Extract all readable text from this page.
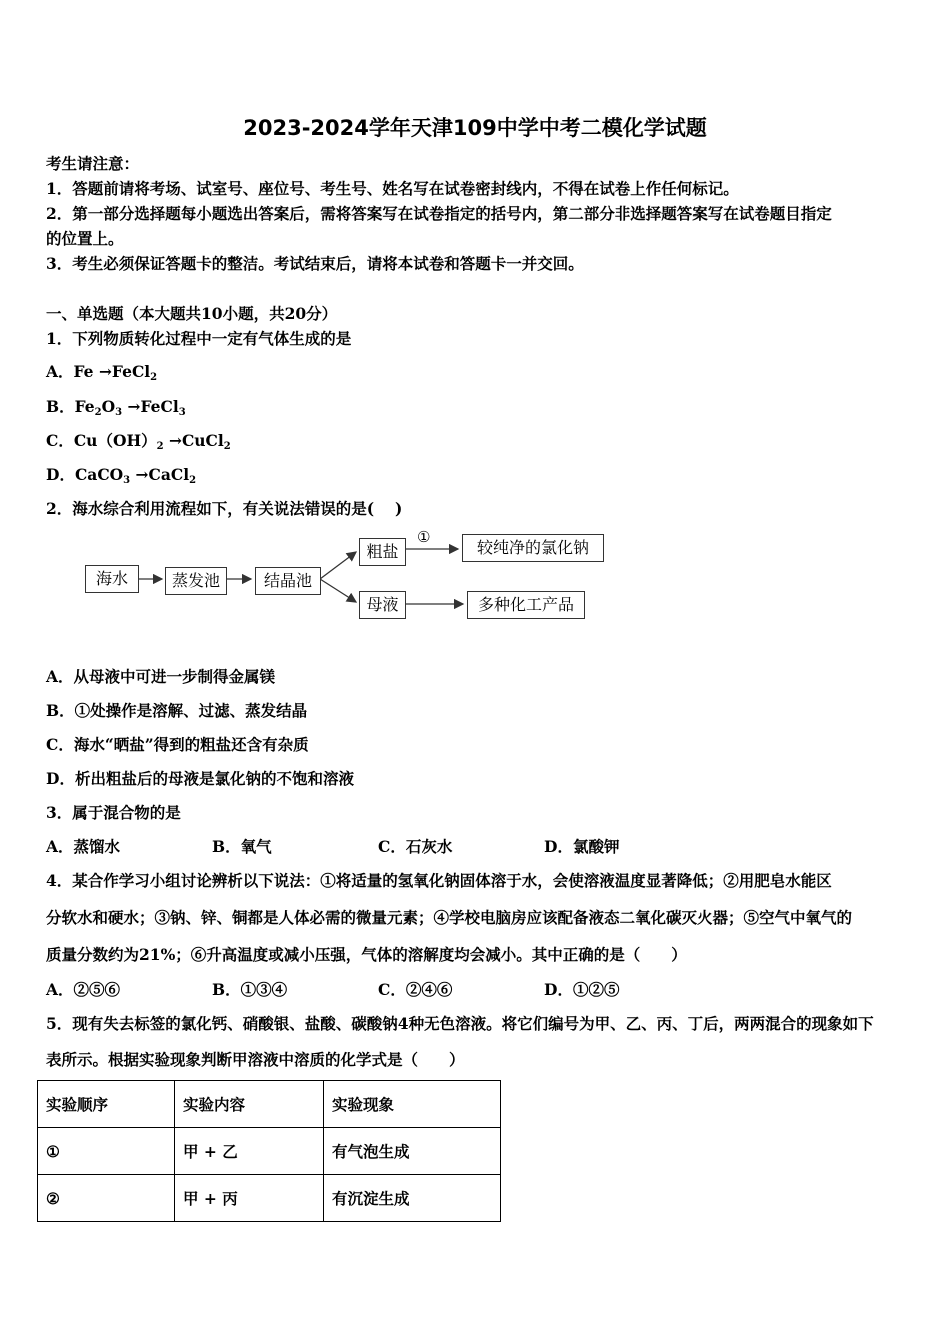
2023-2024学年天津109中学中考二模化学试题
考生请注意：
1．答题前请将考场、试室号、座位号、考生号、姓名写在试卷密封线内，不得在试卷上作任何标记。
2．第一部分选择题每小题选出答案后，需将答案写在试卷指定的括号内，第二部分非选择题答案写在试卷题目指定
的位置上。
3．考生必须保证答题卡的整洁。考试结束后，请将本试卷和答题卡一并交回。
一、单选题（本大题共10小题，共20分）
1．下列物质转化过程中一定有气体生成的是
A．Fe →FeCl2
B．Fe2O3 →FeCl3
C．Cu（OH）2 →CuCl2
D．CaCO3 →CaCl2
2．海水综合利用流程如下，有关说法错误的是(　 )
海水	蒸发池	结晶池
粗盐
①
较纯净的氯化钠
母液	多种化工产品
A．从母液中可进一步制得金属镁
B．①处操作是溶解、过滤、蒸发结晶
C．海水“晒盐”得到的粗盐还含有杂质
D．析出粗盐后的母液是氯化钠的不饱和溶液
3．属于混合物的是
A．蒸馏水	B．氧气	C．石灰水	D．氯酸钾
4．某合作学习小组讨论辨析以下说法：①将适量的氢氧化钠固体溶于水，会使溶液温度显著降低；②用肥皂水能区
分软水和硬水；③钠、锌、铜都是人体必需的微量元素；④学校电脑房应该配备液态二氧化碳灭火器；⑤空气中氧气的
质量分数约为21%；⑥升高温度或减小压强，气体的溶解度均会减小。其中正确的是（　　）
A．②⑤⑥	B．①③④	C．②④⑥	D．①②⑤
5．现有失去标签的氯化钙、硝酸银、盐酸、碳酸钠4种无色溶液。将它们编号为甲、乙、丙、丁后，两两混合的现象如下
表所示。根据实验现象判断甲溶液中溶质的化学式是（　　）
实验顺序	实验内容	实验现象
①	甲 + 乙	有气泡生成
②	甲 + 丙	有沉淀生成
